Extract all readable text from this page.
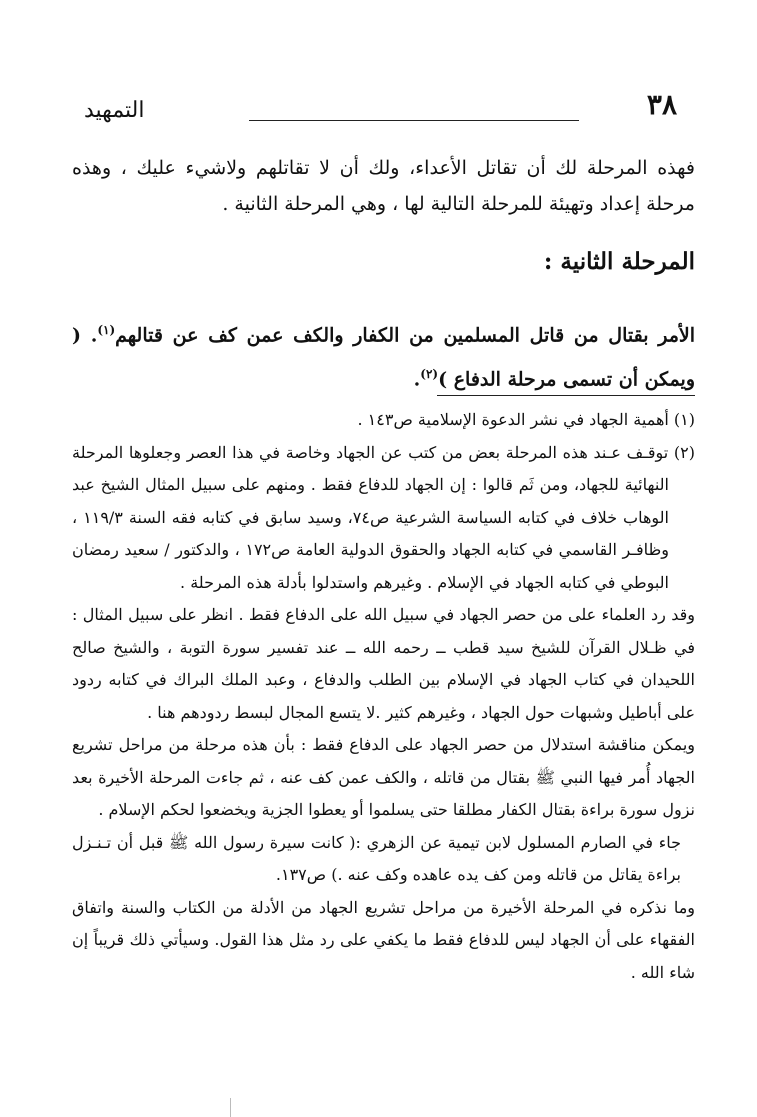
٣٨
التمهيد

فهذه المرحلة لك أن تقاتل الأعداء، ولك أن لا تقاتلهم ولاشيء عليك ، وهذه مرحلة إعداد وتهيئة للمرحلة التالية لها ، وهي المرحلة الثانية .

المرحلة الثانية :

الأمر بقتال من قاتل المسلمين من الكفار والكف عمن كف عن قتالهم$^{(١)}$. ( ويمكن أن تسمى مرحلة الدفاع )$^{(٢)}$.

(١) أهمية الجهاد في نشر الدعوة الإسلامية ص١٤٣ .

(٢) توقـف عـند هذه المرحلة بعض من كتب عن الجهاد وخاصة في هذا العصر وجعلوها المرحلة النهائية للجهاد، ومن ثَم قالوا : إن الجهاد للدفاع فقط . ومنهم على سبيل المثال الشيخ عبد الوهاب خلاف في كتابه السياسة الشرعية ص٧٤، وسيد سابق في كتابه فقه السنة ١١٩/٣ ، وظافـر القاسمي في كتابه الجهاد والحقوق الدولية العامة ص١٧٢ ، والدكتور / سعيد رمضان البوطي في كتابه الجهاد في الإسلام . وغيرهم واستدلوا بأدلة هذه المرحلة .

وقد رد العلماء على من حصر الجهاد في سبيل الله على الدفاع فقط . انظر على سبيل المثال : في ظـلال القرآن للشيخ سيد قطب ــ رحمه الله ــ عند تفسير سورة التوبة ، والشيخ صالح اللحيدان في كتاب الجهاد في الإسلام بين الطلب والدفاع ، وعبد الملك البراك في كتابه ردود على أباطيل وشبهات حول الجهاد ، وغيرهم كثير .لا يتسع المجال لبسط ردودهم هنا .

ويمكن مناقشة استدلال من حصر الجهاد على الدفاع فقط : بأن هذه مرحلة من مراحل تشريع الجهاد أُمر فيها النبي ﷺ بقتال من قاتله ، والكف عمن كف عنه ، ثم جاءت المرحلة الأخيرة بعد نزول سورة براءة بقتال الكفار مطلقا حتى يسلموا أو يعطوا الجزية ويخضعوا لحكم الإسلام .

جاء في الصارم المسلول لابن تيمية عن الزهري :( كانت سيرة رسول الله ﷺ قبل أن تـنـزل براءة يقاتل من قاتله ومن كف يده عاهده وكف عنه .) ص١٣٧.

وما نذكره في المرحلة الأخيرة من مراحل تشريع الجهاد من الأدلة من الكتاب والسنة واتفاق الفقهاء على أن الجهاد ليس للدفاع فقط ما يكفي على رد مثل هذا القول. وسيأتي ذلك قريباً إن شاء الله .
